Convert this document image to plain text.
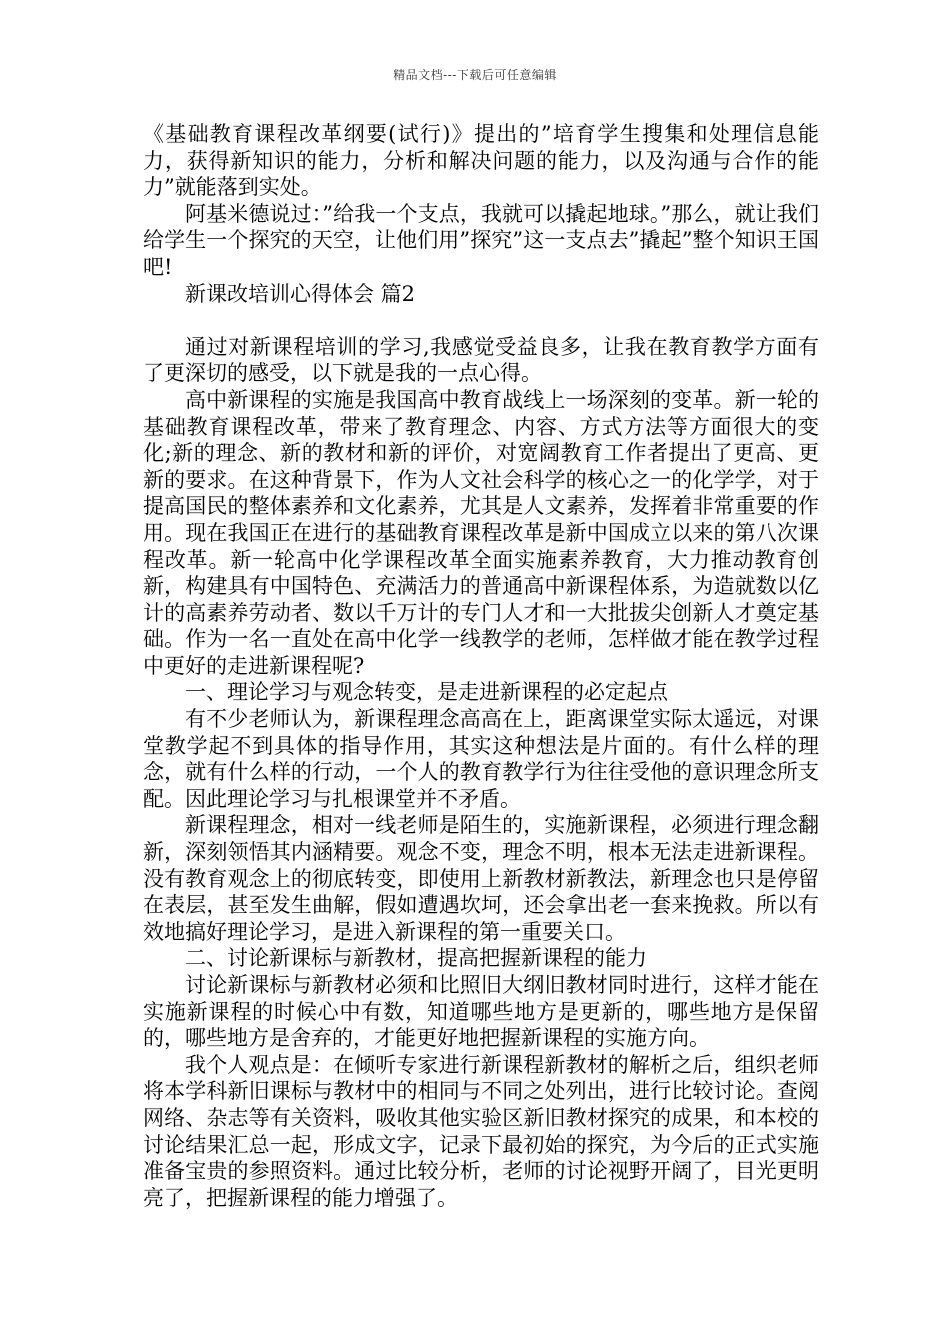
精品文档---下载后可任意编辑

《基础教育课程改革纲要(试行)》提出的”培育学生搜集和处理信息能力，获得新知识的能力，分析和解决问题的能力，以及沟通与合作的能力”就能落到实处。

阿基米德说过：”给我一个支点，我就可以撬起地球。”那么，就让我们给学生一个探究的天空，让他们用”探究”这一支点去”撬起”整个知识王国吧!

新课改培训心得体会 篇2

通过对新课程培训的学习,我感觉受益良多，让我在教育教学方面有了更深切的感受，以下就是我的一点心得。

高中新课程的实施是我国高中教育战线上一场深刻的变革。新一轮的基础教育课程改革，带来了教育理念、内容、方式方法等方面很大的变化;新的理念、新的教材和新的评价，对宽阔教育工作者提出了更高、更新的要求。在这种背景下，作为人文社会科学的核心之一的化学学，对于提高国民的整体素养和文化素养，尤其是人文素养，发挥着非常重要的作用。现在我国正在进行的基础教育课程改革是新中国成立以来的第八次课程改革。新一轮高中化学课程改革全面实施素养教育，大力推动教育创新，构建具有中国特色、充满活力的普通高中新课程体系，为造就数以亿计的高素养劳动者、数以千万计的专门人才和一大批拔尖创新人才奠定基础。作为一名一直处在高中化学一线教学的老师，怎样做才能在教学过程中更好的走进新课程呢?

一、理论学习与观念转变，是走进新课程的必定起点

有不少老师认为，新课程理念高高在上，距离课堂实际太遥远，对课堂教学起不到具体的指导作用，其实这种想法是片面的。有什么样的理念，就有什么样的行动，一个人的教育教学行为往往受他的意识理念所支配。因此理论学习与扎根课堂并不矛盾。

新课程理念，相对一线老师是陌生的，实施新课程，必须进行理念翻新，深刻领悟其内涵精要。观念不变，理念不明，根本无法走进新课程。没有教育观念上的彻底转变，即使用上新教材新教法，新理念也只是停留在表层，甚至发生曲解，假如遭遇坎坷，还会拿出老一套来挽救。所以有效地搞好理论学习，是进入新课程的第一重要关口。

二、讨论新课标与新教材，提高把握新课程的能力

讨论新课标与新教材必须和比照旧大纲旧教材同时进行，这样才能在实施新课程的时候心中有数，知道哪些地方是更新的，哪些地方是保留的，哪些地方是舍弃的，才能更好地把握新课程的实施方向。

我个人观点是：在倾听专家进行新课程新教材的解析之后，组织老师将本学科新旧课标与教材中的相同与不同之处列出，进行比较讨论。查阅网络、杂志等有关资料，吸收其他实验区新旧教材探究的成果，和本校的讨论结果汇总一起，形成文字，记录下最初始的探究，为今后的正式实施准备宝贵的参照资料。通过比较分析，老师的讨论视野开阔了，目光更明亮了，把握新课程的能力增强了。
